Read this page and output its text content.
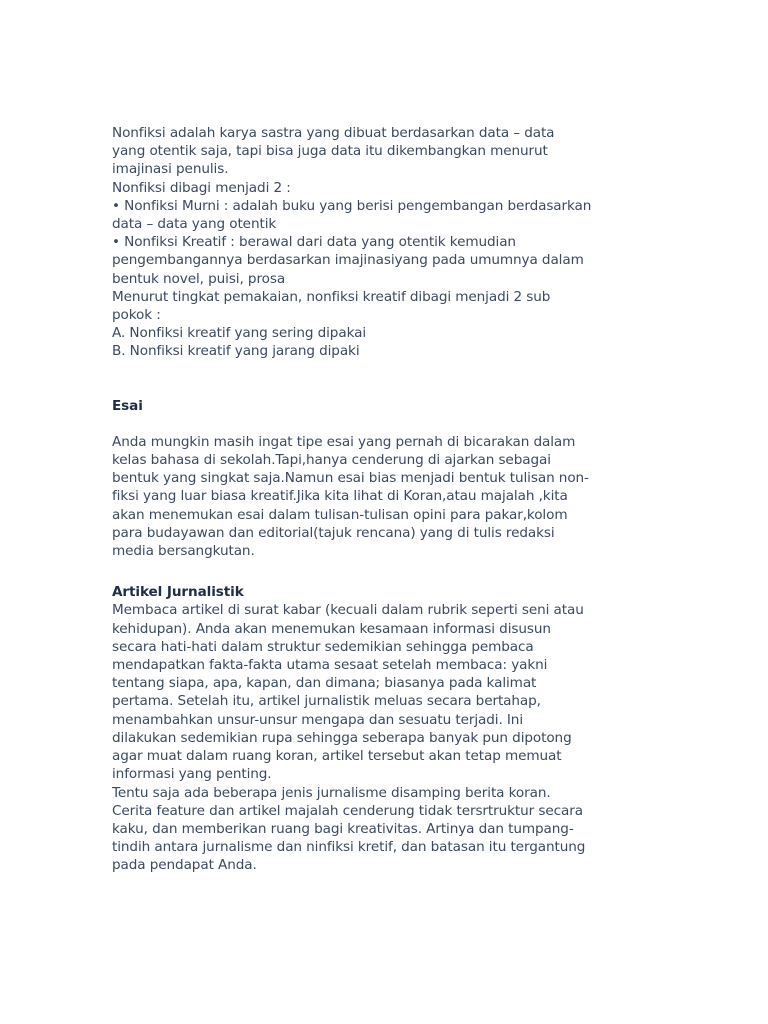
Nonfiksi adalah karya sastra yang dibuat berdasarkan data – data
yang otentik saja, tapi bisa juga data itu dikembangkan menurut
imajinasi penulis.
Nonfiksi dibagi menjadi 2 :
• Nonfiksi Murni : adalah buku yang berisi pengembangan berdasarkan
data – data yang otentik
• Nonfiksi Kreatif : berawal dari data yang otentik kemudian
pengembangannya berdasarkan imajinasiyang pada umumnya dalam
bentuk novel, puisi, prosa
Menurut tingkat pemakaian, nonfiksi kreatif dibagi menjadi 2 sub
pokok :
A. Nonfiksi kreatif yang sering dipakai
B. Nonfiksi kreatif yang jarang dipaki
Esai
Anda mungkin masih ingat tipe esai yang pernah di bicarakan dalam
kelas bahasa di sekolah.Tapi,hanya cenderung di ajarkan sebagai
bentuk yang singkat saja.Namun esai bias menjadi bentuk tulisan non-
fiksi yang luar biasa kreatif.Jika kita lihat di Koran,atau majalah ,kita
akan menemukan esai dalam tulisan-tulisan opini para pakar,kolom
para budayawan dan editorial(tajuk rencana) yang di tulis redaksi
media bersangkutan.
Artikel Jurnalistik
Membaca artikel di surat kabar (kecuali dalam rubrik seperti seni atau
kehidupan). Anda akan menemukan kesamaan informasi disusun
secara hati-hati dalam struktur sedemikian sehingga pembaca
mendapatkan fakta-fakta utama sesaat setelah membaca: yakni
tentang siapa, apa, kapan, dan dimana; biasanya pada kalimat
pertama. Setelah itu, artikel jurnalistik meluas secara bertahap,
menambahkan unsur-unsur mengapa dan sesuatu terjadi. Ini
dilakukan sedemikian rupa sehingga seberapa banyak pun dipotong
agar muat dalam ruang koran, artikel tersebut akan tetap memuat
informasi yang penting.
Tentu saja ada beberapa jenis jurnalisme disamping berita koran.
Cerita feature dan artikel majalah cenderung tidak tersrtruktur secara
kaku, dan memberikan ruang bagi kreativitas. Artinya dan tumpang-
tindih antara jurnalisme dan ninfiksi kretif, dan batasan itu tergantung
pada pendapat Anda.
